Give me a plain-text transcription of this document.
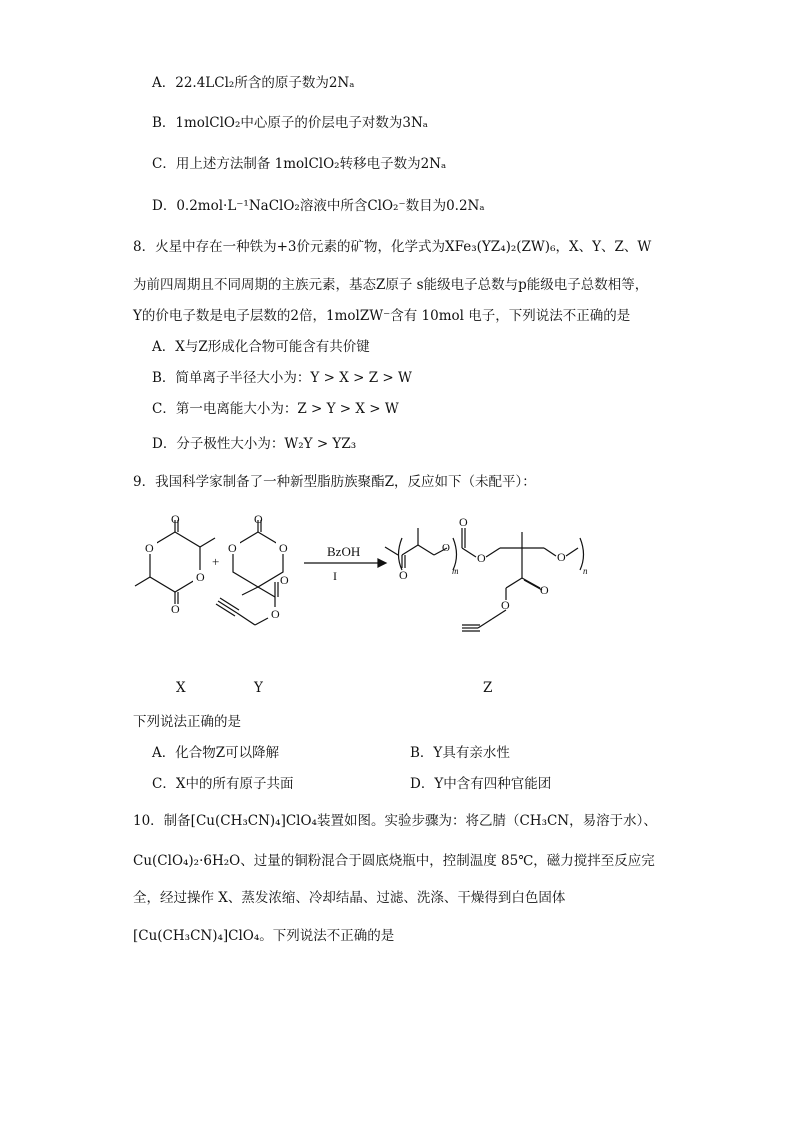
A．22.4LCl₂所含的原子数为2Nₐ
B．1molClO₂中心原子的价层电子对数为3Nₐ
C．用上述方法制备 1molClO₂转移电子数为2Nₐ
D．0.2mol·L⁻¹NaClO₂溶液中所含ClO₂⁻数目为0.2Nₐ
8．火星中存在一种铁为+3价元素的矿物，化学式为XFe₃(YZ₄)₂(ZW)₆，X、Y、Z、W
为前四周期且不同周期的主族元素，基态Z原子 s能级电子总数与p能级电子总数相等，
Y的价电子数是电子层数的2倍，1molZW⁻含有 10mol 电子，下列说法不正确的是
A．X与Z形成化合物可能含有共价键
B．简单离子半径大小为：Y > X > Z > W
C．第一电离能大小为：Z > Y > X > W
D．分子极性大小为：W₂Y > YZ₃
9．我国科学家制备了一种新型脂肪族聚酯Z，反应如下（未配平）：
O
O
O
O
+
O
O	O
O
O
BzOH
I	O
O
O
O	O
O
O
m	n
X	Y	Z
下列说法正确的是
A．化合物Z可以降解	B．Y具有亲水性
C．X中的所有原子共面	D．Y中含有四种官能团
10．制备[Cu(CH₃CN)₄]ClO₄装置如图。实验步骤为：将乙腈（CH₃CN，易溶于水）、
Cu(ClO₄)₂·6H₂O、过量的铜粉混合于圆底烧瓶中，控制温度 85℃，磁力搅拌至反应完
全，经过操作 X、蒸发浓缩、冷却结晶、过滤、洗涤、干燥得到白色固体
[Cu(CH₃CN)₄]ClO₄。下列说法不正确的是
